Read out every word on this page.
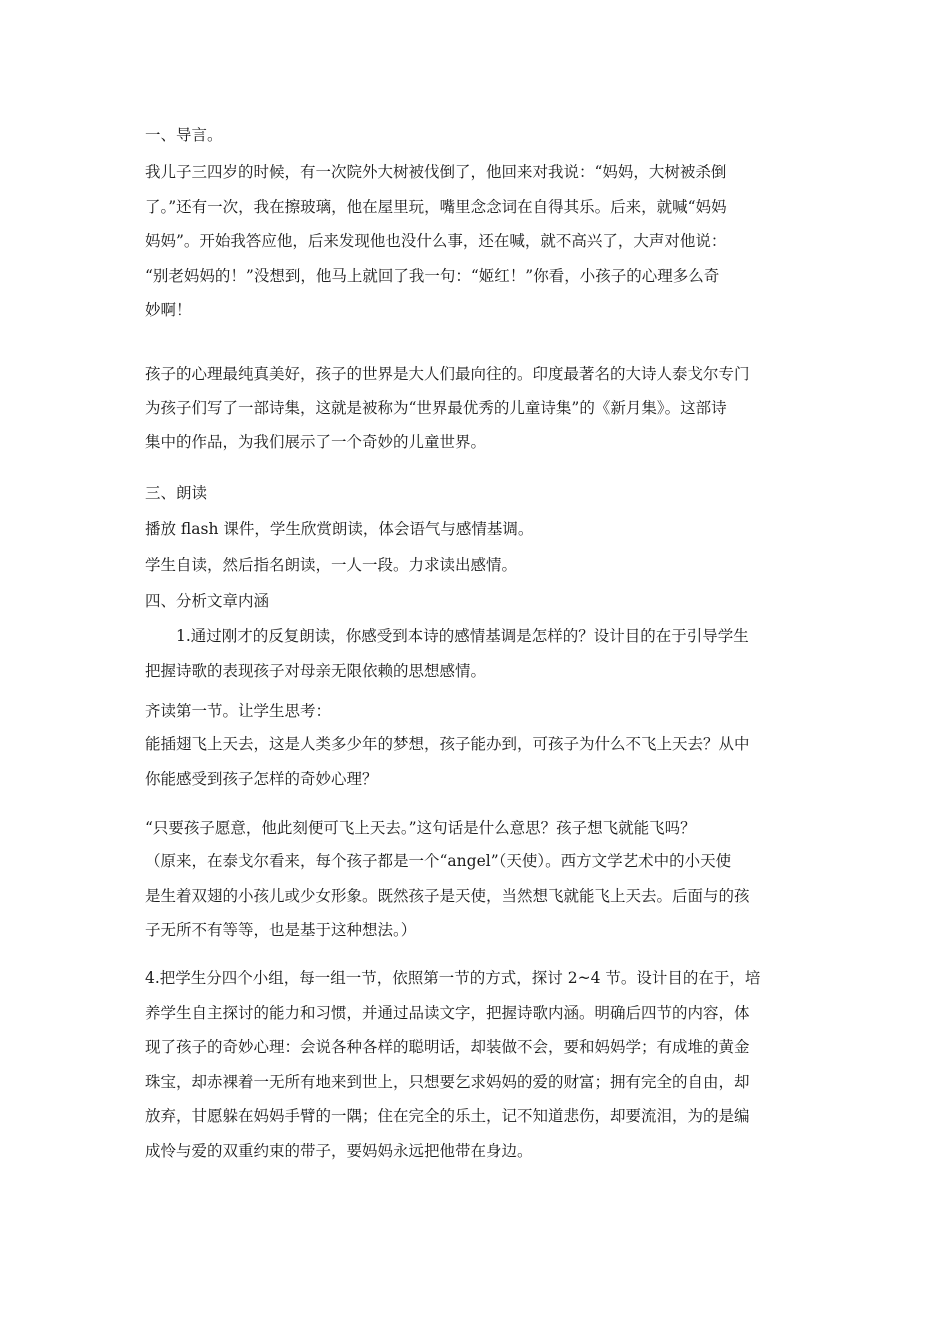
一、导言。
我儿子三四岁的时候，有一次院外大树被伐倒了，他回来对我说：“妈妈，大树被杀倒
了。”还有一次，我在擦玻璃，他在屋里玩，嘴里念念词在自得其乐。后来，就喊“妈妈
妈妈”。开始我答应他，后来发现他也没什么事，还在喊，就不高兴了，大声对他说：
“别老妈妈的！”没想到，他马上就回了我一句：“姬红！”你看，小孩子的心理多么奇
妙啊！
孩子的心理最纯真美好，孩子的世界是大人们最向往的。印度最著名的大诗人泰戈尔专门
为孩子们写了一部诗集，这就是被称为“世界最优秀的儿童诗集”的《新月集》。这部诗
集中的作品，为我们展示了一个奇妙的儿童世界。
三、朗读
播放 flash 课件，学生欣赏朗读，体会语气与感情基调。
学生自读，然后指名朗读，一人一段。力求读出感情。
四、分析文章内涵
1.通过刚才的反复朗读，你感受到本诗的感情基调是怎样的？设计目的在于引导学生
把握诗歌的表现孩子对母亲无限依赖的思想感情。
齐读第一节。让学生思考：
能插翅飞上天去，这是人类多少年的梦想，孩子能办到，可孩子为什么不飞上天去？从中
你能感受到孩子怎样的奇妙心理？
“只要孩子愿意，他此刻便可飞上天去。”这句话是什么意思？孩子想飞就能飞吗？
（原来，在泰戈尔看来，每个孩子都是一个“angel”（天使）。西方文学艺术中的小天使
是生着双翅的小孩儿或少女形象。既然孩子是天使，当然想飞就能飞上天去。后面与的孩
子无所不有等等，也是基于这种想法。）
4.把学生分四个小组，每一组一节，依照第一节的方式，探讨 2~4 节。设计目的在于，培
养学生自主探讨的能力和习惯，并通过品读文字，把握诗歌内涵。明确后四节的内容，体
现了孩子的奇妙心理：会说各种各样的聪明话，却装做不会，要和妈妈学；有成堆的黄金
珠宝，却赤裸着一无所有地来到世上，只想要乞求妈妈的爱的财富；拥有完全的自由，却
放弃，甘愿躲在妈妈手臂的一隅；住在完全的乐土，记不知道悲伤，却要流泪，为的是编
成怜与爱的双重约束的带子，要妈妈永远把他带在身边。
